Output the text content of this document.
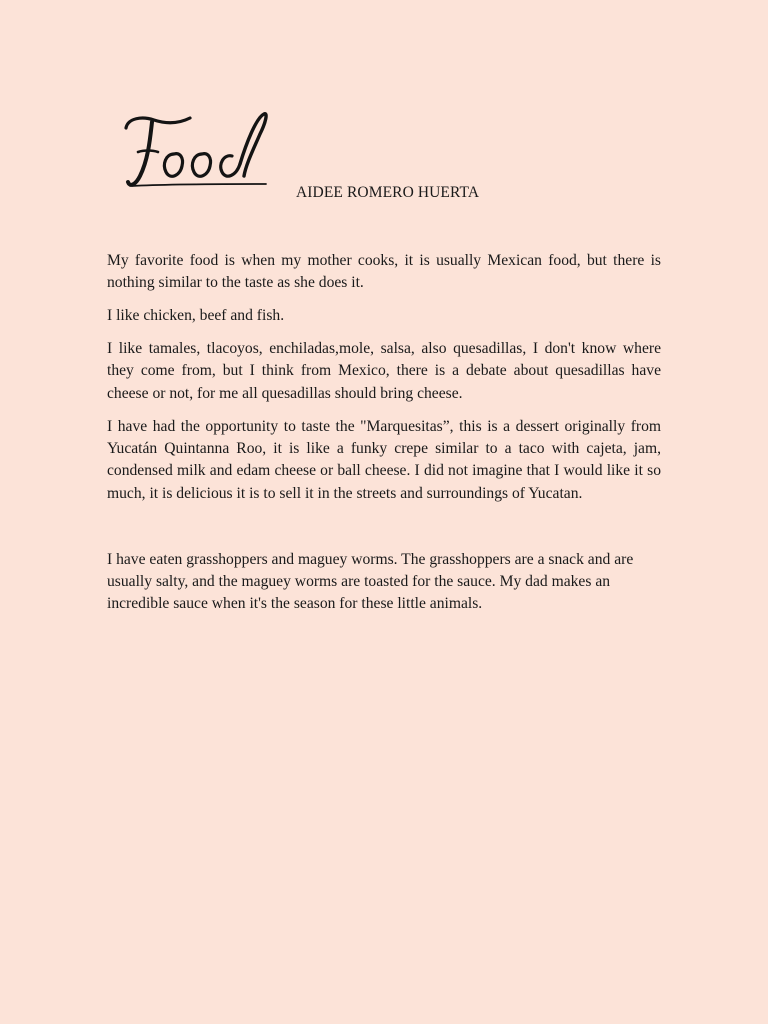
AIDEE ROMERO HUERTA

My favorite food is when my mother cooks, it is usually Mexican food, but there is nothing similar to the taste as she does it.

I like chicken, beef and fish.

I like tamales, tlacoyos, enchiladas,mole, salsa, also quesadillas, I don't know where they come from, but I think from Mexico, there is a debate about quesadillas have cheese or not, for me all quesadillas should bring cheese.

I have had the opportunity to taste the "Marquesitas”, this is a dessert originally from Yucatán Quintanna Roo, it is like a funky crepe similar to a taco with cajeta, jam, condensed milk and edam cheese or ball cheese. I did not imagine that I would like it so much, it is delicious it is to sell it in the streets and surroundings of Yucatan.

I have eaten grasshoppers and maguey worms. The grasshoppers are a snack and are usually salty, and the maguey worms are toasted for the sauce. My dad makes an incredible sauce when it's the season for these little animals.
